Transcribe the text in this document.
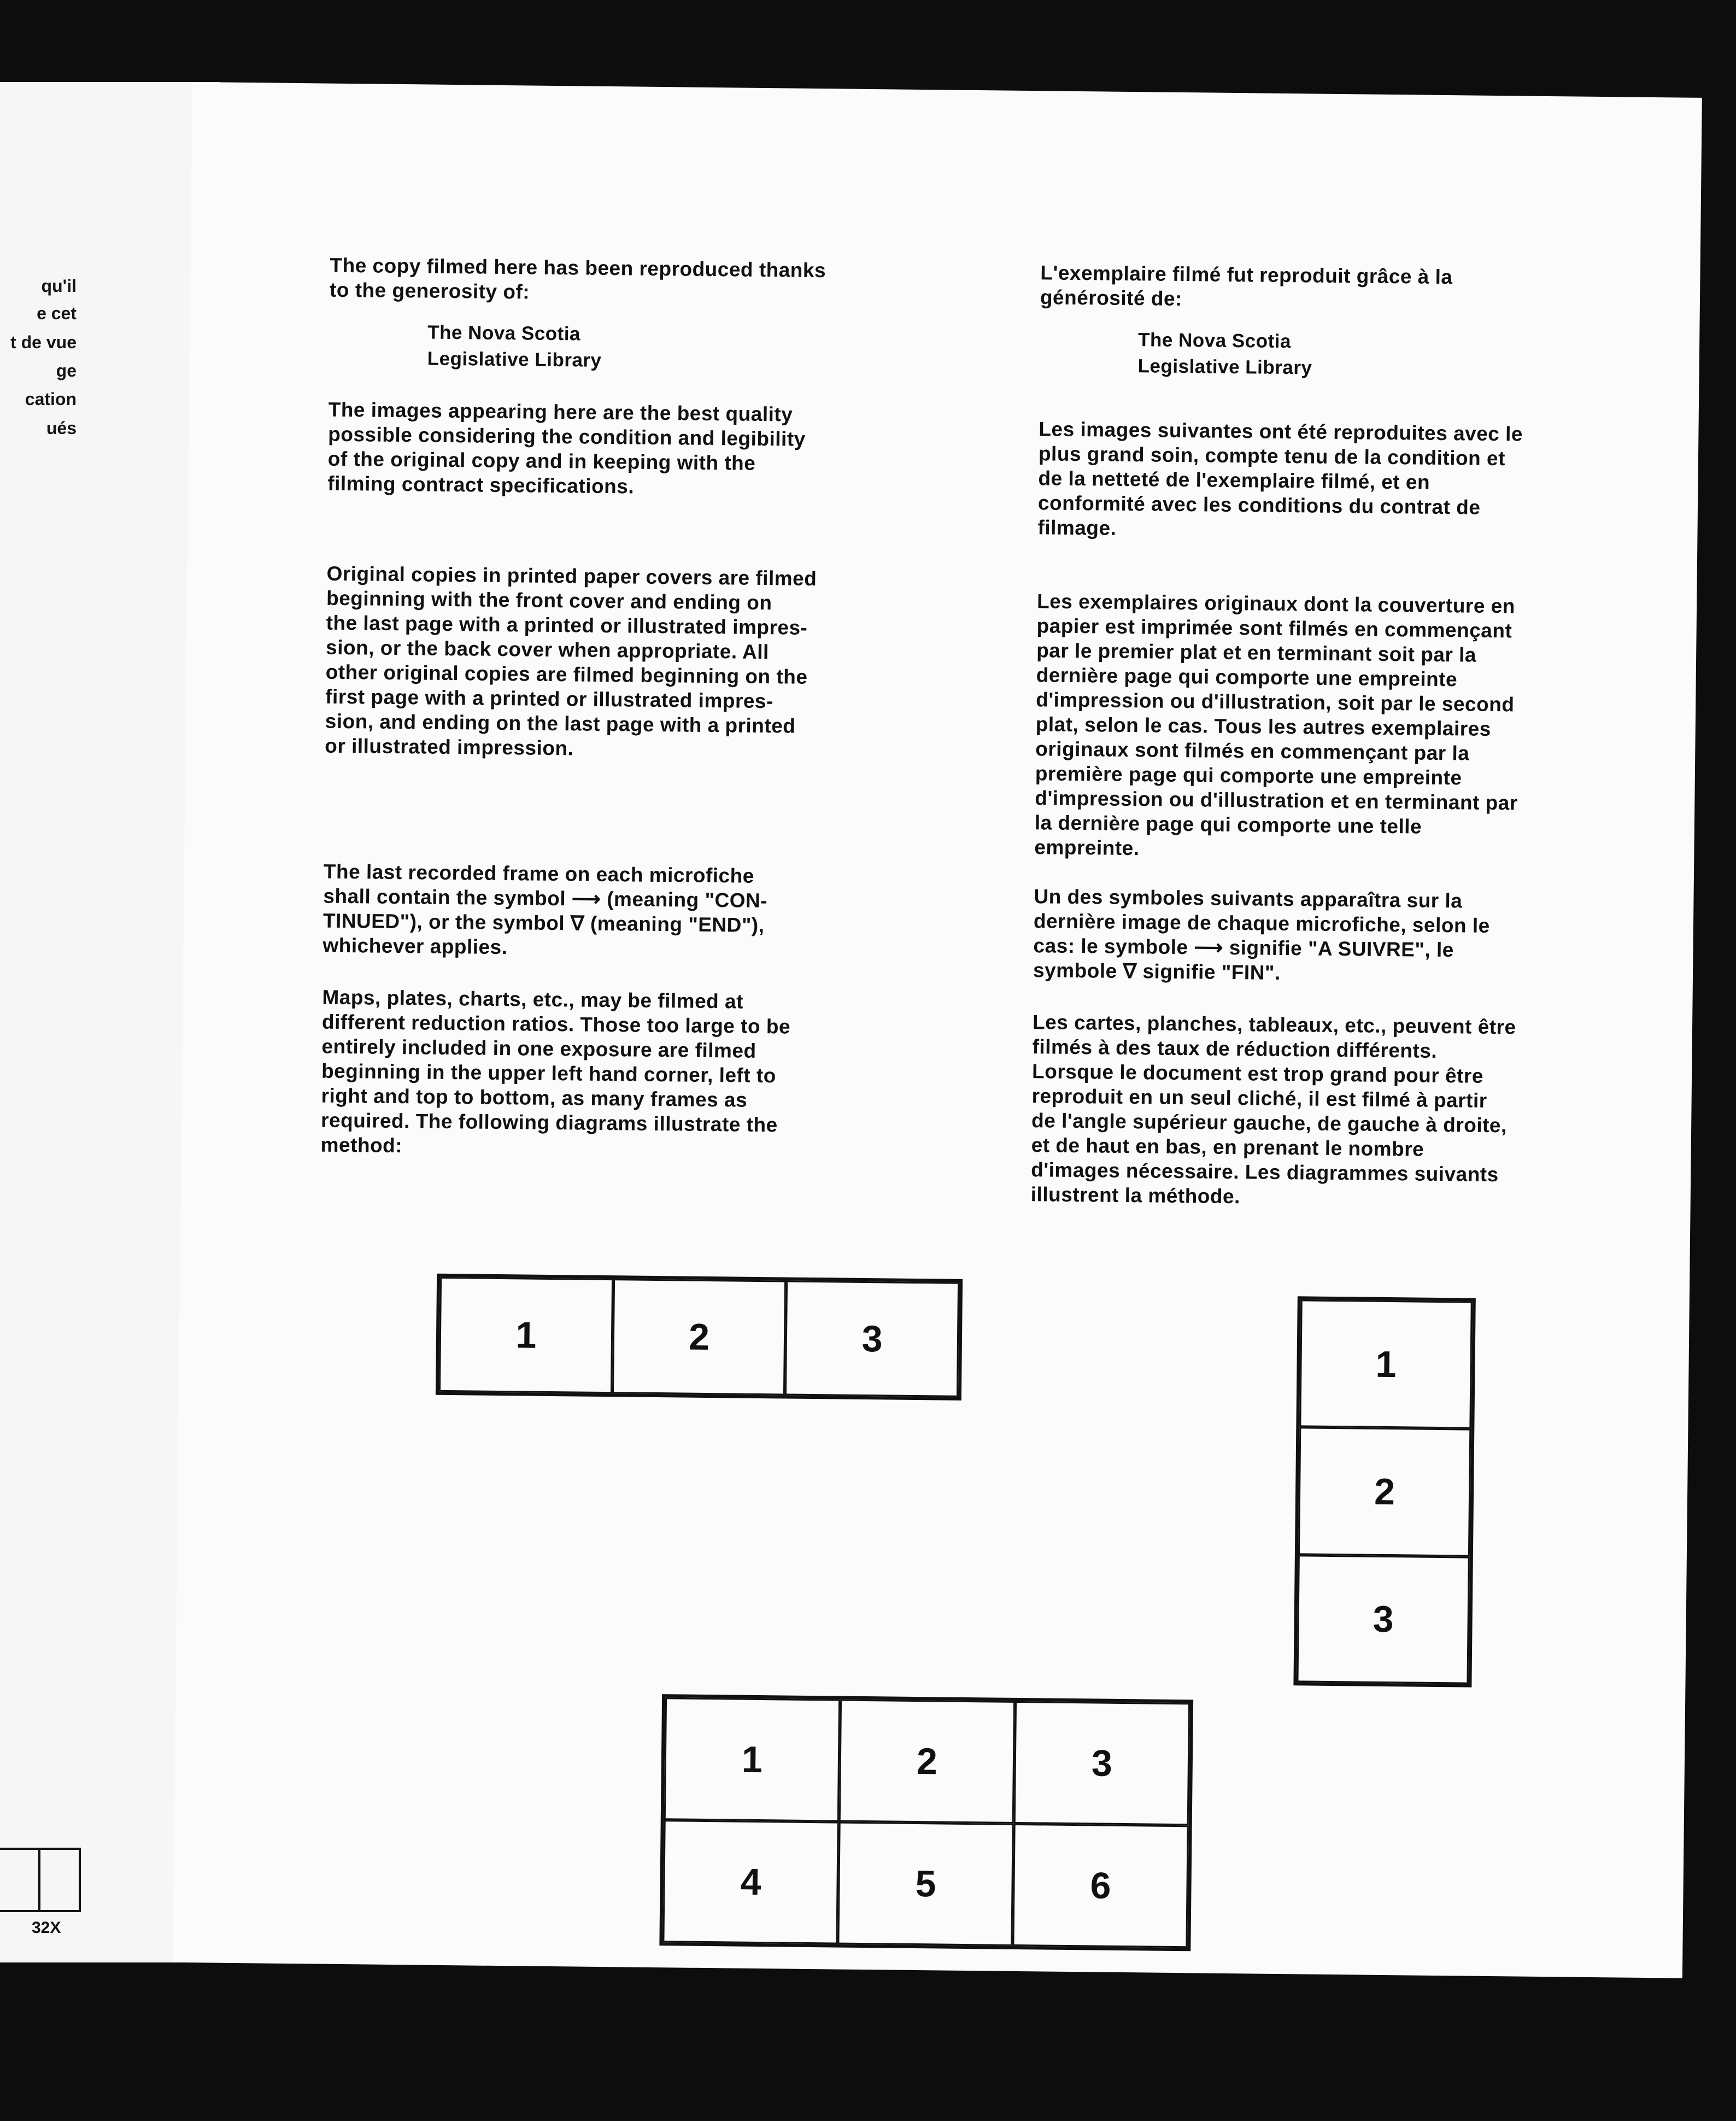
qu'il
e cet
t de vue
ge
cation
ués
32X

The copy filmed here has been reproduced thanks
to the generosity of:

The Nova Scotia

Legislative Library

The images appearing here are the best quality
possible considering the condition and legibility
of the original copy and in keeping with the
filming contract specifications.

Original copies in printed paper covers are filmed
beginning with the front cover and ending on
the last page with a printed or illustrated impres-
sion, or the back cover when appropriate. All
other original copies are filmed beginning on the
first page with a printed or illustrated impres-
sion, and ending on the last page with a printed
or illustrated impression.

The last recorded frame on each microfiche
shall contain the symbol ⟶ (meaning "CON-
TINUED"), or the symbol ∇ (meaning "END"),
whichever applies.

Maps, plates, charts, etc., may be filmed at
different reduction ratios. Those too large to be
entirely included in one exposure are filmed
beginning in the upper left hand corner, left to
right and top to bottom, as many frames as
required. The following diagrams illustrate the
method:

L'exemplaire filmé fut reproduit grâce à la
générosité de:

The Nova Scotia

Legislative Library

Les images suivantes ont été reproduites avec le
plus grand soin, compte tenu de la condition et
de la netteté de l'exemplaire filmé, et en
conformité avec les conditions du contrat de
filmage.

Les exemplaires originaux dont la couverture en
papier est imprimée sont filmés en commençant
par le premier plat et en terminant soit par la
dernière page qui comporte une empreinte
d'impression ou d'illustration, soit par le second
plat, selon le cas. Tous les autres exemplaires
originaux sont filmés en commençant par la
première page qui comporte une empreinte
d'impression ou d'illustration et en terminant par
la dernière page qui comporte une telle
empreinte.

Un des symboles suivants apparaîtra sur la
dernière image de chaque microfiche, selon le
cas: le symbole ⟶ signifie "A SUIVRE", le
symbole ∇ signifie "FIN".

Les cartes, planches, tableaux, etc., peuvent être
filmés à des taux de réduction différents.
Lorsque le document est trop grand pour être
reproduit en un seul cliché, il est filmé à partir
de l'angle supérieur gauche, de gauche à droite,
et de haut en bas, en prenant le nombre
d'images nécessaire. Les diagrammes suivants
illustrent la méthode.

1	2	3
1
2
3
1	2	3
4	5	6
